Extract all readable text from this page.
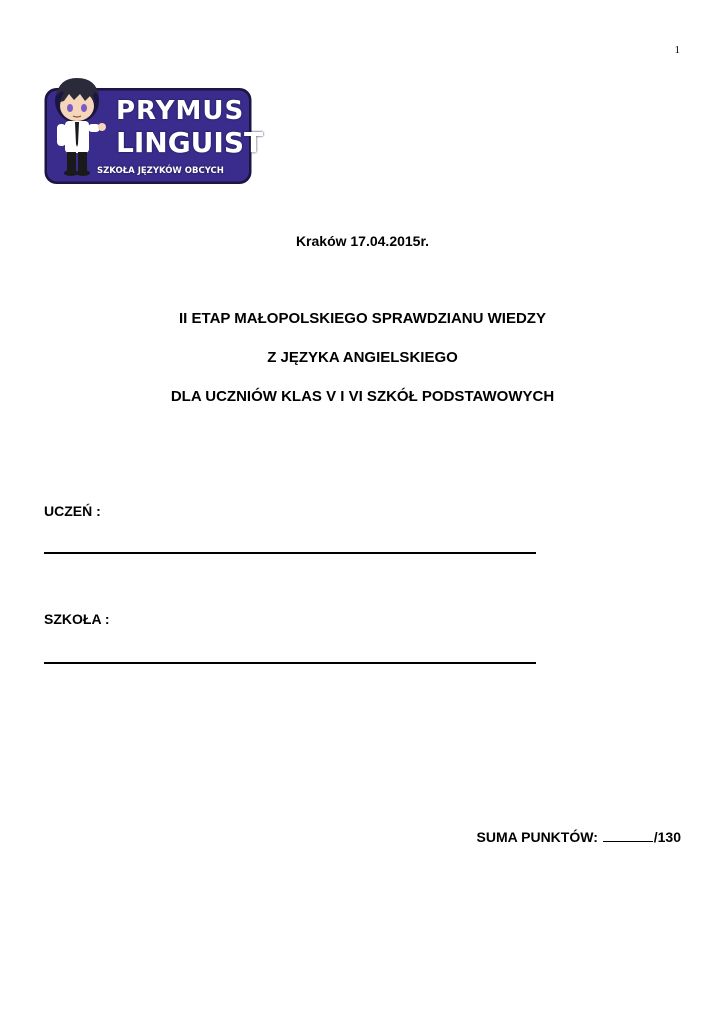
1
PRYMUS
LINGUIST
SZKOŁA JĘZYKÓW OBCYCH
Kraków 17.04.2015r.
II ETAP MAŁOPOLSKIEGO SPRAWDZIANU WIEDZY
Z JĘZYKA ANGIELSKIEGO
DLA UCZNIÓW KLAS V I VI SZKÓŁ PODSTAWOWYCH
UCZEŃ :
SZKOŁA :
SUMA PUNKTÓW:	/130
